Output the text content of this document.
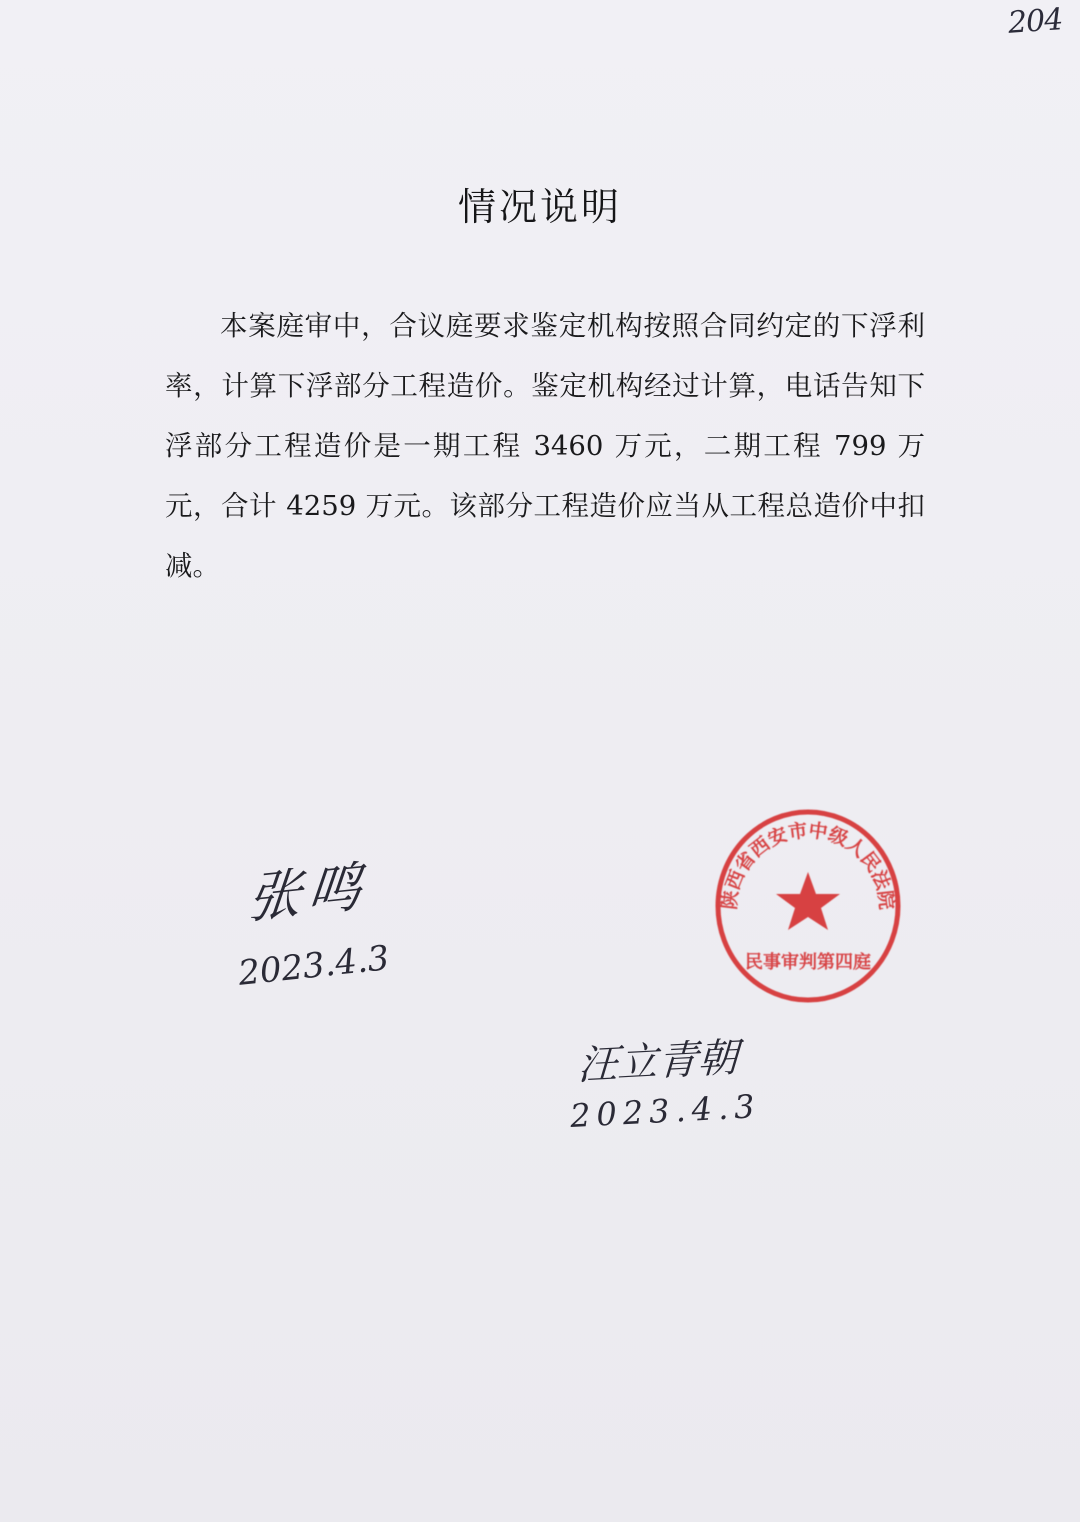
204
情况说明

本案庭审中，合议庭要求鉴定机构按照合同约定的下浮利率，计算下浮部分工程造价。鉴定机构经过计算，电话告知下浮部分工程造价是一期工程 3460 万元，二期工程 799 万元，合计 4259 万元。该部分工程造价应当从工程总造价中扣减。

张鸣
2023.4.3
汪立青朝
2023.4.3
陕西省西安市中级人民法院
民事审判第四庭
